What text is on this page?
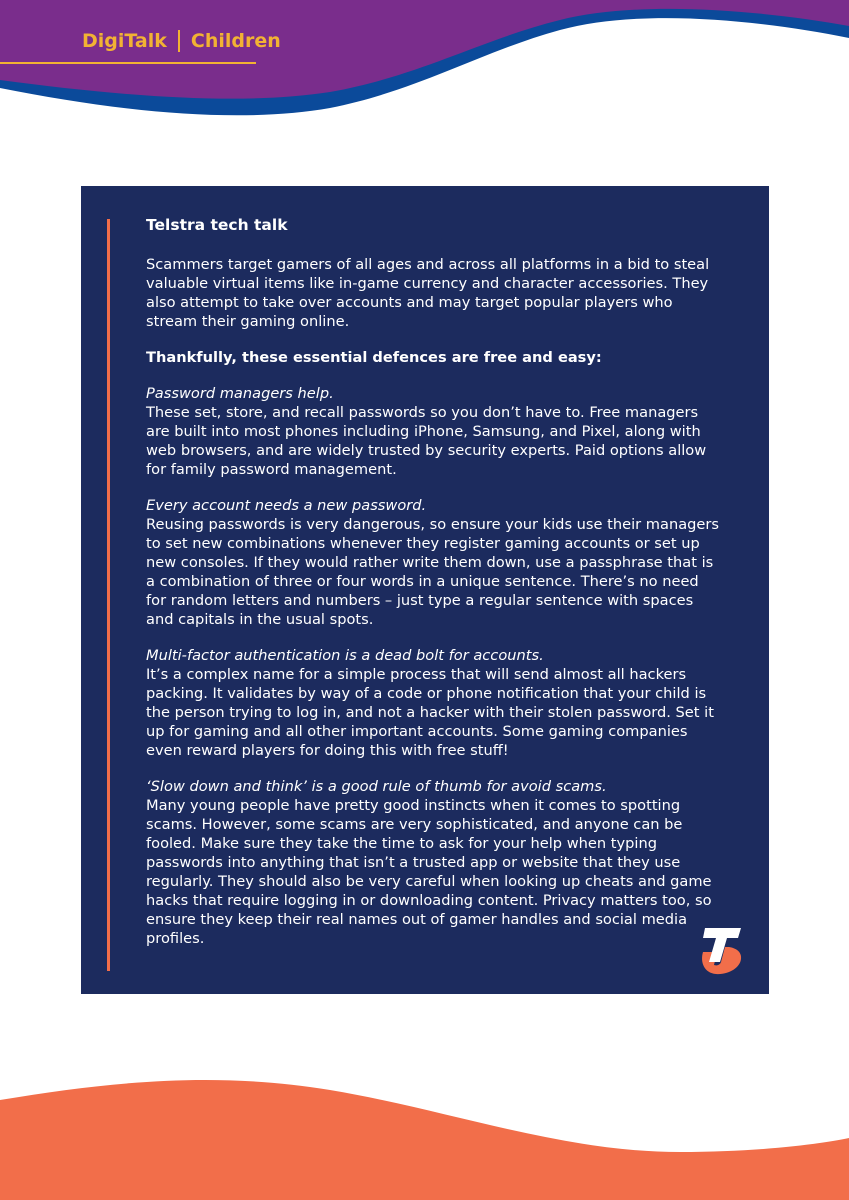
DigiTalk Children
Telstra tech talk

Scammers target gamers of all ages and across all platforms in a bid to steal valuable virtual items like in-game currency and character accessories. They also attempt to take over accounts and may target popular players who stream their gaming online.

Thankfully, these essential defences are free and easy:

Password managers help.
These set, store, and recall passwords so you don’t have to. Free managers are built into most phones including iPhone, Samsung, and Pixel, along with web browsers, and are widely trusted by security experts. Paid options allow for family password management.

Every account needs a new password.
Reusing passwords is very dangerous, so ensure your kids use their managers to set new combinations whenever they register gaming accounts or set up new consoles. If they would rather write them down, use a passphrase that is a combination of three or four words in a unique sentence. There’s no need for random letters and numbers – just type a regular sentence with spaces and capitals in the usual spots.

Multi-factor authentication is a dead bolt for accounts.
It’s a complex name for a simple process that will send almost all hackers packing. It validates by way of a code or phone notification that your child is the person trying to log in, and not a hacker with their stolen password. Set it up for gaming and all other important accounts. Some gaming companies even reward players for doing this with free stuff!

‘Slow down and think’ is a good rule of thumb for avoid scams.
Many young people have pretty good instincts when it comes to spotting scams. However, some scams are very sophisticated, and anyone can be fooled. Make sure they take the time to ask for your help when typing passwords into anything that isn’t a trusted app or website that they use regularly. They should also be very careful when looking up cheats and game hacks that require logging in or downloading content. Privacy matters too, so ensure they keep their real names out of gamer handles and social media profiles.
